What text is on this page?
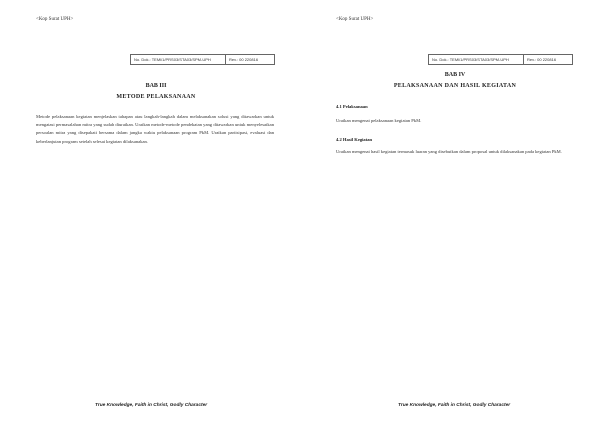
<Kop Surat UPH>
No. Dok.: TEMl/1/PRS03/STA03/SPM-UPH	Rev.: 00 220816
BAB III
METODE PELAKSANAAN
Metode pelaksanaan kegiatan menjelaskan tahapan atau langkah-langkah dalam melaksanakan solusi yang ditawarkan untuk mengatasi permasalahan mitra yang sudah diuraikan. Uraikan metode-metode pendekatan yang ditawarkan untuk menyelesaikan persoalan mitra yang disepakati bersama dalam jangka waktu pelaksanaan program PkM. Uraikan partisipasi, evaluasi dan keberlanjutan program setelah selesai kegiatan dilaksanakan.
True Knowledge, Faith in Christ, Godly Character
<Kop Surat UPH>
No. Dok.: TEMl/1/PRS03/STA03/SPM-UPH	Rev.: 00 220816
BAB IV
PELAKSANAAN DAN HASIL KEGIATAN
4.1 Pelaksanaan
Uraikan mengenai pelaksanaan kegiatan PkM.
4.2 Hasil Kegiatan
Uraikan mengenai hasil kegiatan termasuk luaran yang disebutkan dalam proposal untuk dilaksanakan pada kegiatan PkM.
True Knowledge, Faith in Christ, Godly Character
